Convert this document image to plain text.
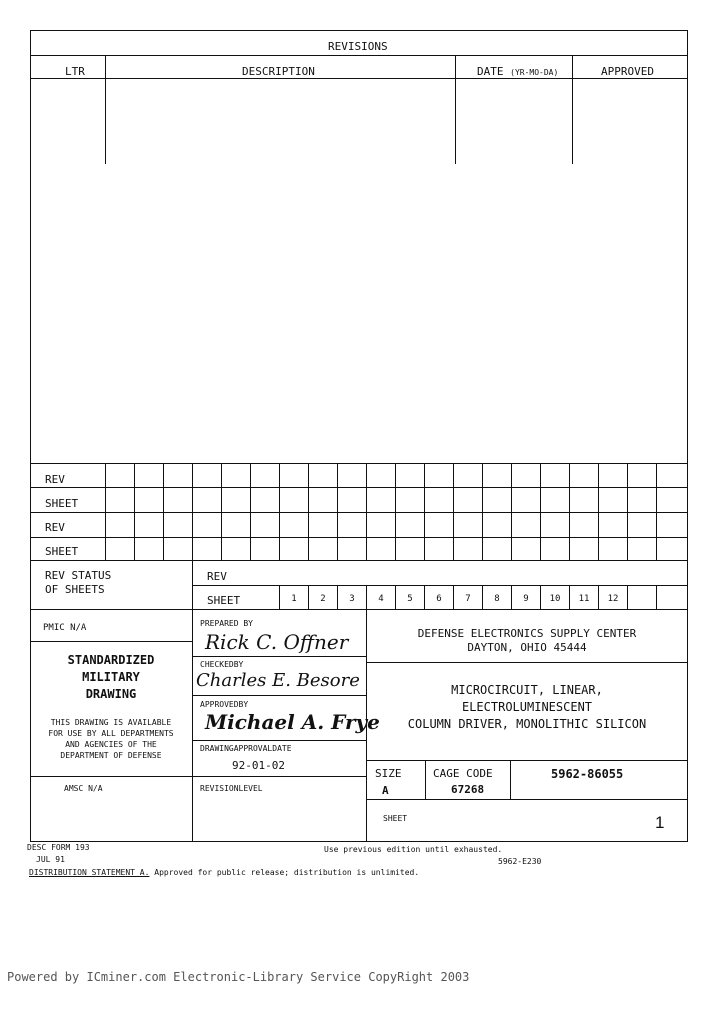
REVISIONS
LTR	DESCRIPTION	DATE (YR-MO-DA)	APPROVED
REV
SHEET
REV
SHEET
REV STATUS
OF SHEETS
REV
SHEET	1	2	3	4	5	6	7	8	9	10	11	12
PMIC N/A
STANDARDIZED
MILITARY
DRAWING
THIS DRAWING IS AVAILABLE
FOR USE BY ALL DEPARTMENTS
AND AGENCIES OF THE
DEPARTMENT OF DEFENSE
AMSC N/A
PREPARED BY
Rick C. Offner
CHECKEDBY
Charles E. Besore
APPROVEDBY
Michael A. Frye
DRAWINGAPPROVALDATE
92-01-02
REVISIONLEVEL
DEFENSE ELECTRONICS SUPPLY CENTER
DAYTON, OHIO 45444
MICROCIRCUIT, LINEAR,
ELECTROLUMINESCENT
COLUMN DRIVER, MONOLITHIC SILICON
SIZE
A
CAGE CODE
67268
5962-86055
SHEET	1
DESC FORM 193
JUL 91
Use previous edition until exhausted.
5962-E230
DISTRIBUTION STATEMENT A. Approved for public release; distribution is unlimited.
Powered by ICminer.com Electronic-Library Service CopyRight 2003
